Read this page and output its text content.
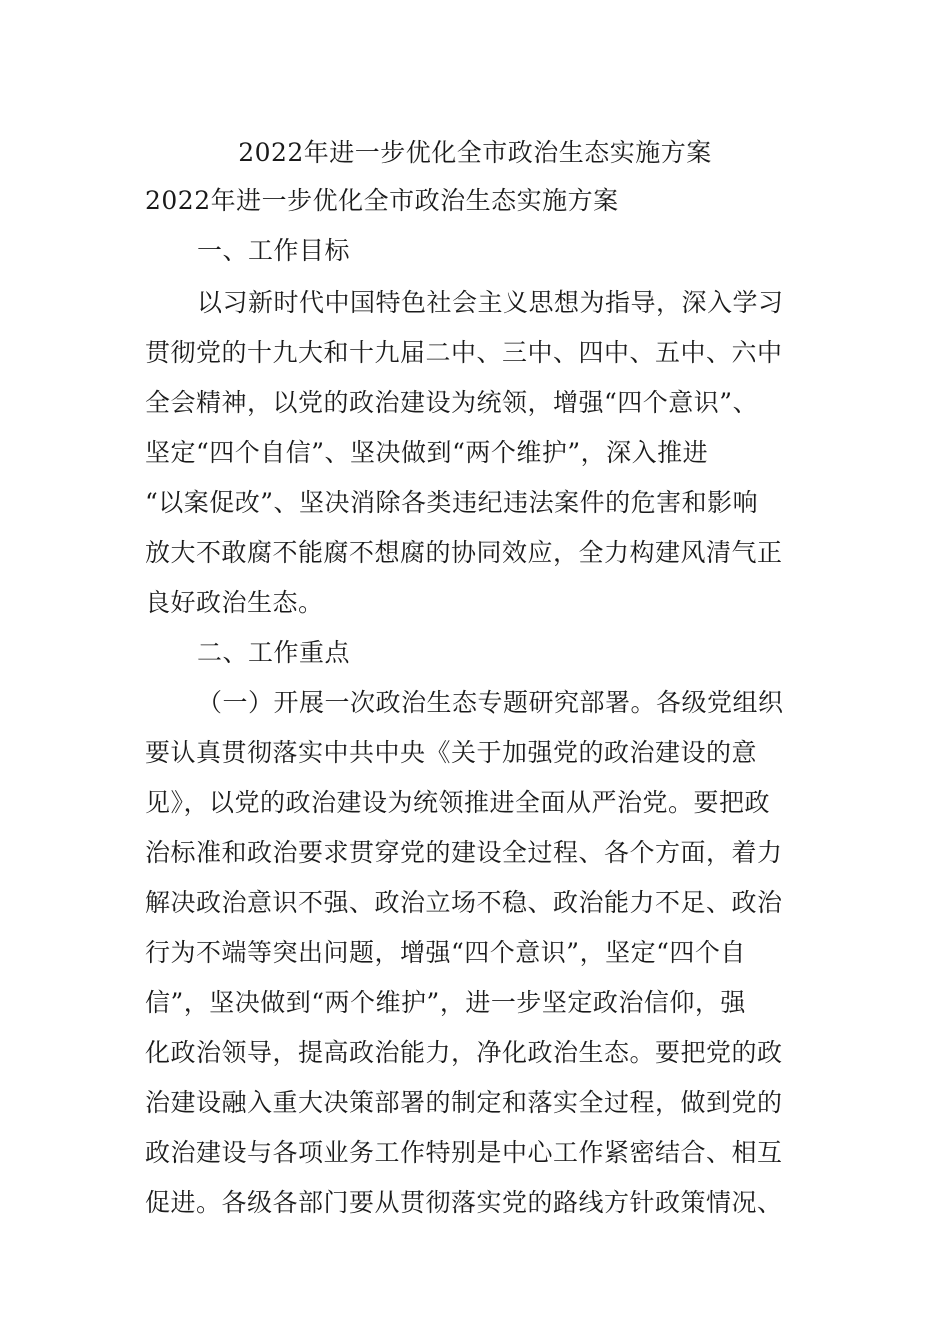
2022年进一步优化全市政治生态实施方案
2022年进一步优化全市政治生态实施方案
一、工作目标
以习新时代中国特色社会主义思想为指导，深入学习
贯彻党的十九大和十九届二中、三中、四中、五中、六中
全会精神，以党的政治建设为统领，增强“四个意识”、
坚定“四个自信”、坚决做到“两个维护”，深入推进
“以案促改”、坚决消除各类违纪违法案件的危害和影响
放大不敢腐不能腐不想腐的协同效应，全力构建风清气正
良好政治生态。
二、工作重点
（一）开展一次政治生态专题研究部署。各级党组织
要认真贯彻落实中共中央《关于加强党的政治建设的意
见》，以党的政治建设为统领推进全面从严治党。要把政
治标准和政治要求贯穿党的建设全过程、各个方面，着力
解决政治意识不强、政治立场不稳、政治能力不足、政治
行为不端等突出问题，增强“四个意识”，坚定“四个自
信”，坚决做到“两个维护”，进一步坚定政治信仰，强
化政治领导，提高政治能力，净化政治生态。要把党的政
治建设融入重大决策部署的制定和落实全过程，做到党的
政治建设与各项业务工作特别是中心工作紧密结合、相互
促进。各级各部门要从贯彻落实党的路线方针政策情况、
